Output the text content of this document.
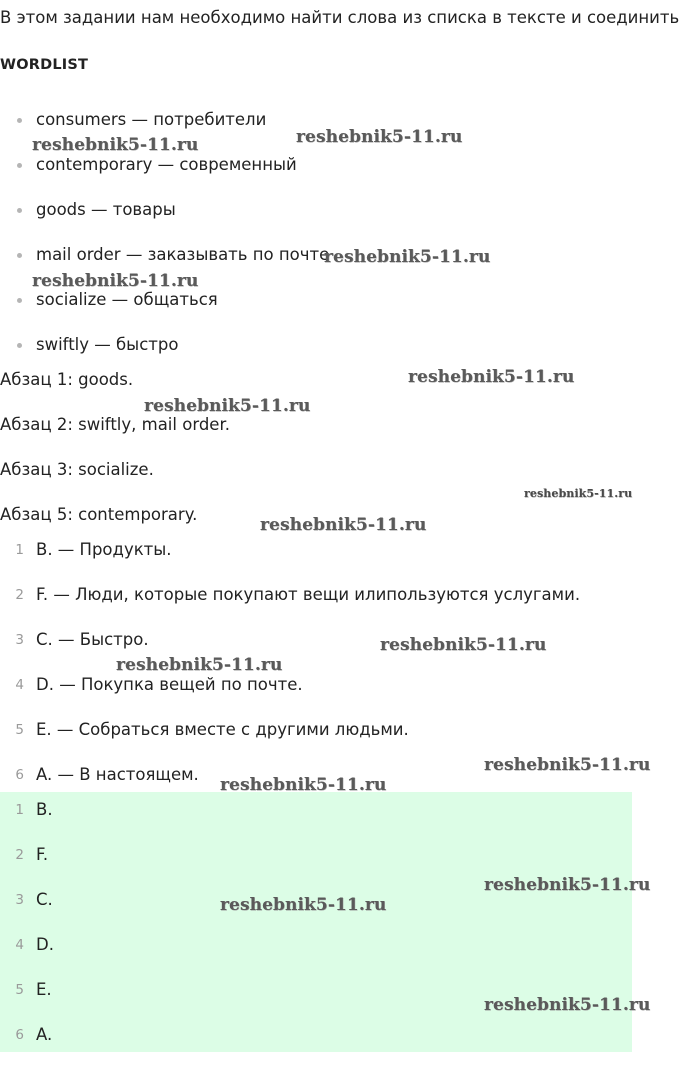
В этом задании нам необходимо найти слова из списка в тексте и соединить
WORDLIST
consumers — потребители
contemporary — современный
goods — товары
mail order — заказывать по почте
socialize — общаться
swiftly — быстро
Абзац 1: goods.
Абзац 2: swiftly, mail order.
Абзац 3: socialize.
Абзац 5: contemporary.
1 B. — Продукты.
2 F. — Люди, которые покупают вещи илипользуются услугами.
3 C. — Быстро.
4 D. — Покупка вещей по почте.
5 E. — Собраться вместе с другими людьми.
6 A. — В настоящем.
1 B.
2 F.
3 C.
4 D.
5 E.
6 A.
reshebnik5-11.ru
reshebnik5-11.ru
reshebnik5-11.ru
reshebnik5-11.ru
reshebnik5-11.ru
reshebnik5-11.ru
reshebnik5-11.ru
reshebnik5-11.ru
reshebnik5-11.ru
reshebnik5-11.ru
reshebnik5-11.ru
reshebnik5-11.ru
reshebnik5-11.ru
reshebnik5-11.ru
reshebnik5-11.ru
